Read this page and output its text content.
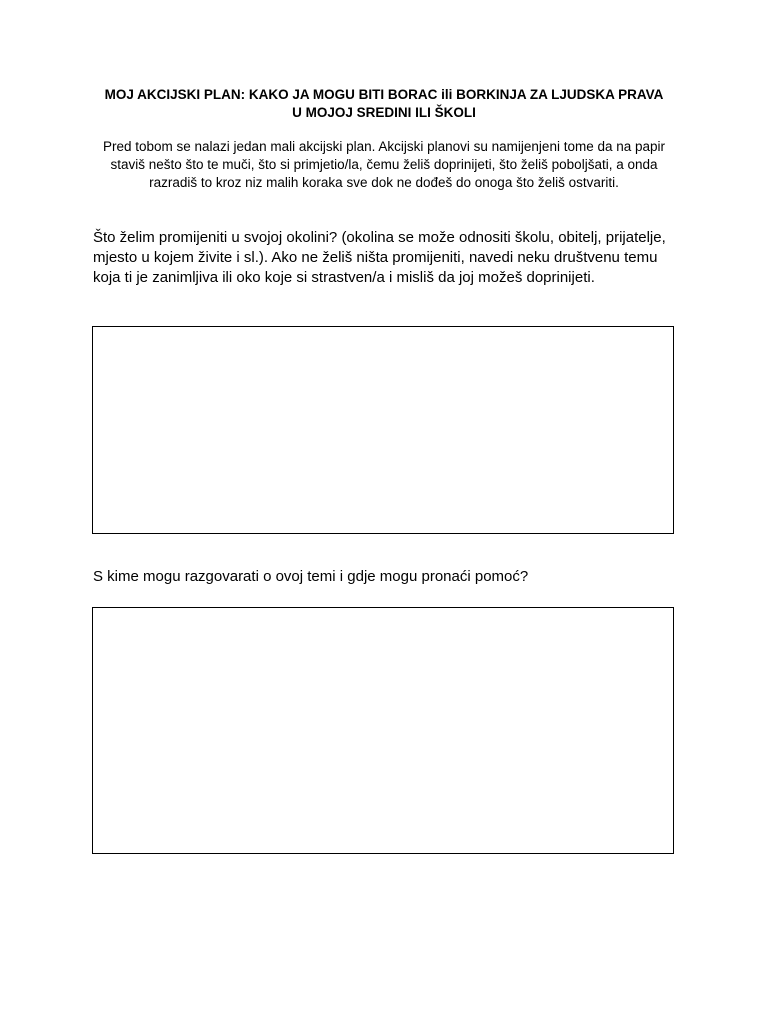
MOJ AKCIJSKI PLAN: KAKO JA MOGU BITI BORAC ili BORKINJA ZA LJUDSKA PRAVA U MOJOJ SREDINI ILI ŠKOLI

Pred tobom se nalazi jedan mali akcijski plan. Akcijski planovi su namijenjeni tome da na papir staviš nešto što te muči, što si primjetio/la, čemu želiš doprinijeti, što želiš poboljšati, a onda razradiš to kroz niz malih koraka sve dok ne dođeš do onoga što želiš ostvariti.

Što želim promijeniti u svojoj okolini? (okolina se može odnositi školu, obitelj, prijatelje, mjesto u kojem živite i sl.). Ako ne želiš ništa promijeniti, navedi neku društvenu temu koja ti je zanimljiva ili oko koje si strastven/a i misliš da joj možeš doprinijeti.

S kime mogu razgovarati o ovoj temi i gdje mogu pronaći pomoć?
